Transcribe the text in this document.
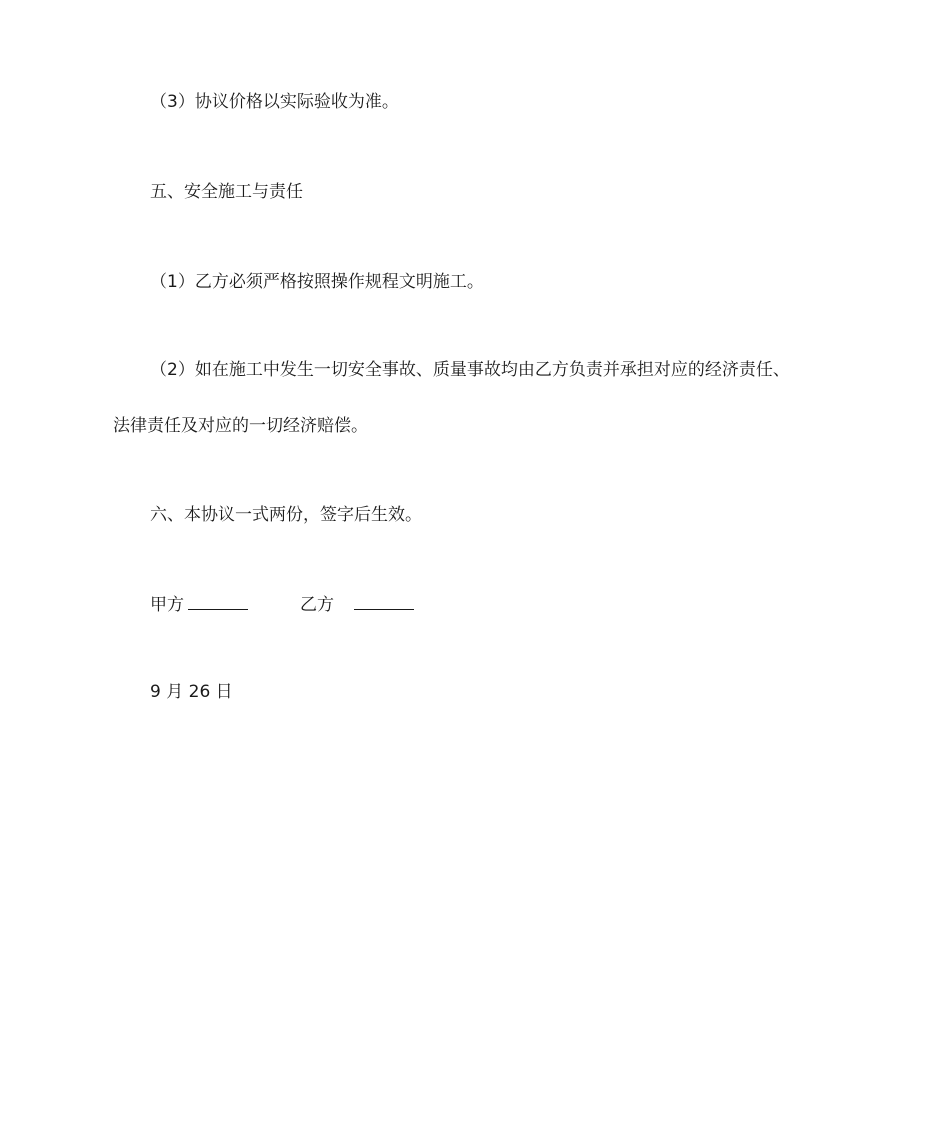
（3）协议价格以实际验收为准。

五、安全施工与责任

（1）乙方必须严格按照操作规程文明施工。

（2）如在施工中发生一切安全事故、质量事故均由乙方负责并承担对应的经济责任、

法律责任及对应的一切经济赔偿。

六、本协议一式两份，签字后生效。

甲方	乙方

9 月 26 日
